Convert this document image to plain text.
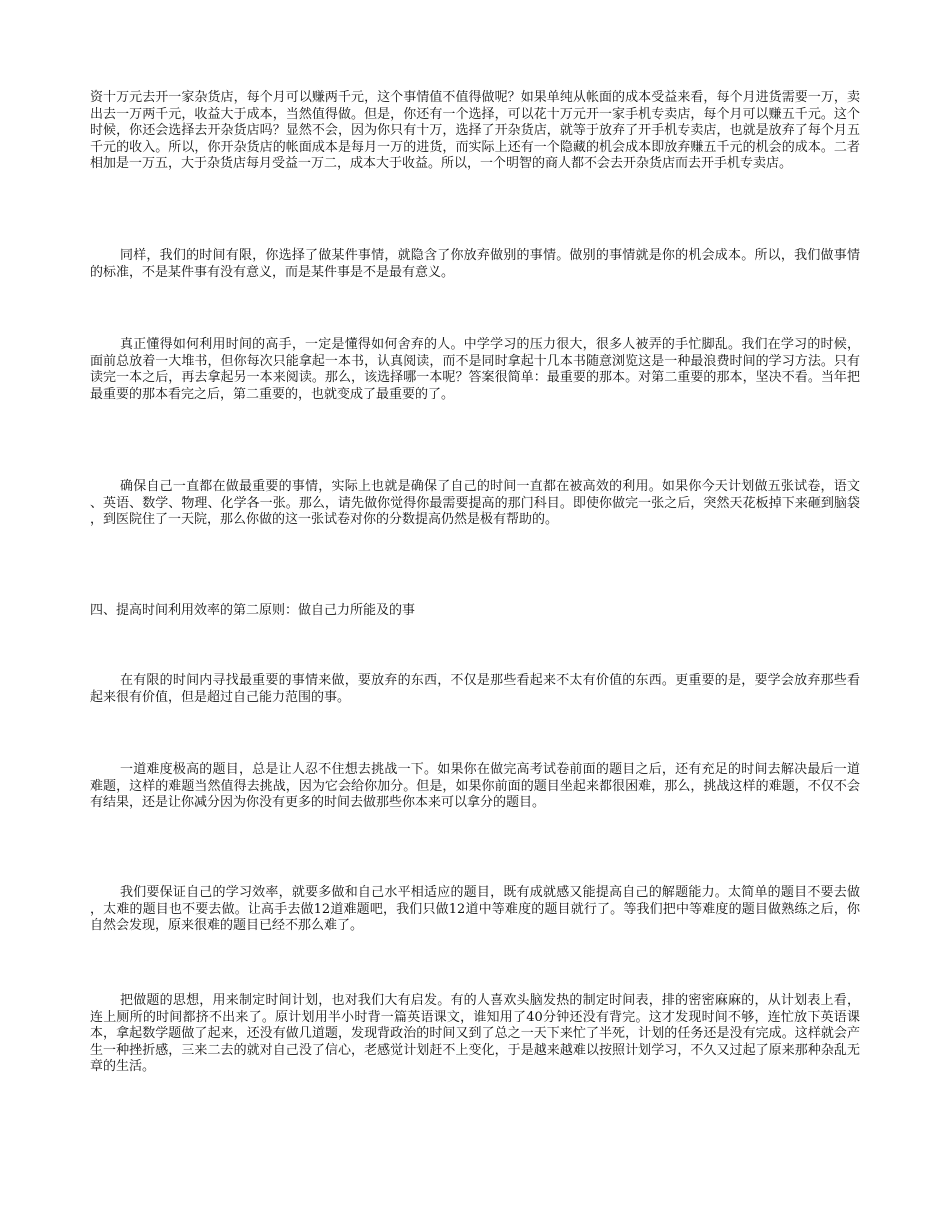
资十万元去开一家杂货店，每个月可以赚两千元，这个事情值不值得做呢？如果单纯从帐面的成本受益来看，每个月进货需要一万，卖出去一万两千元，收益大于成本，当然值得做。但是，你还有一个选择，可以花十万元开一家手机专卖店，每个月可以赚五千元。这个时候，你还会选择去开杂货店吗？显然不会，因为你只有十万，选择了开杂货店，就等于放弃了开手机专卖店，也就是放弃了每个月五千元的收入。所以，你开杂货店的帐面成本是每月一万的进货，而实际上还有一个隐藏的机会成本即放弃赚五千元的机会的成本。二者相加是一万五，大于杂货店每月受益一万二，成本大于收益。所以，一个明智的商人都不会去开杂货店而去开手机专卖店。

同样，我们的时间有限，你选择了做某件事情，就隐含了你放弃做别的事情。做别的事情就是你的机会成本。所以，我们做事情的标准，不是某件事有没有意义，而是某件事是不是最有意义。

真正懂得如何利用时间的高手，一定是懂得如何舍弃的人。中学学习的压力很大，很多人被弄的手忙脚乱。我们在学习的时候，面前总放着一大堆书，但你每次只能拿起一本书，认真阅读，而不是同时拿起十几本书随意浏览这是一种最浪费时间的学习方法。只有读完一本之后，再去拿起另一本来阅读。那么，该选择哪一本呢？答案很简单：最重要的那本。对第二重要的那本，坚决不看。当年把最重要的那本看完之后，第二重要的，也就变成了最重要的了。

确保自己一直都在做最重要的事情，实际上也就是确保了自己的时间一直都在被高效的利用。如果你今天计划做五张试卷，语文、英语、数学、物理、化学各一张。那么，请先做你觉得你最需要提高的那门科目。即使你做完一张之后，突然天花板掉下来砸到脑袋，到医院住了一天院，那么你做的这一张试卷对你的分数提高仍然是极有帮助的。

四、提高时间利用效率的第二原则：做自己力所能及的事

在有限的时间内寻找最重要的事情来做，要放弃的东西，不仅是那些看起来不太有价值的东西。更重要的是，要学会放弃那些看起来很有价值，但是超过自己能力范围的事。

一道难度极高的题目，总是让人忍不住想去挑战一下。如果你在做完高考试卷前面的题目之后，还有充足的时间去解决最后一道难题，这样的难题当然值得去挑战，因为它会给你加分。但是，如果你前面的题目坐起来都很困难，那么，挑战这样的难题，不仅不会有结果，还是让你减分因为你没有更多的时间去做那些你本来可以拿分的题目。

我们要保证自己的学习效率，就要多做和自己水平相适应的题目，既有成就感又能提高自己的解题能力。太简单的题目不要去做，太难的题目也不要去做。让高手去做12道难题吧，我们只做12道中等难度的题目就行了。等我们把中等难度的题目做熟练之后，你自然会发现，原来很难的题目已经不那么难了。

把做题的思想，用来制定时间计划，也对我们大有启发。有的人喜欢头脑发热的制定时间表，排的密密麻麻的，从计划表上看，连上厕所的时间都挤不出来了。原计划用半小时背一篇英语课文，谁知用了40分钟还没有背完。这才发现时间不够，连忙放下英语课本，拿起数学题做了起来，还没有做几道题，发现背政治的时间又到了总之一天下来忙了半死，计划的任务还是没有完成。这样就会产生一种挫折感，三来二去的就对自己没了信心，老感觉计划赶不上变化，于是越来越难以按照计划学习，不久又过起了原来那种杂乱无章的生活。
